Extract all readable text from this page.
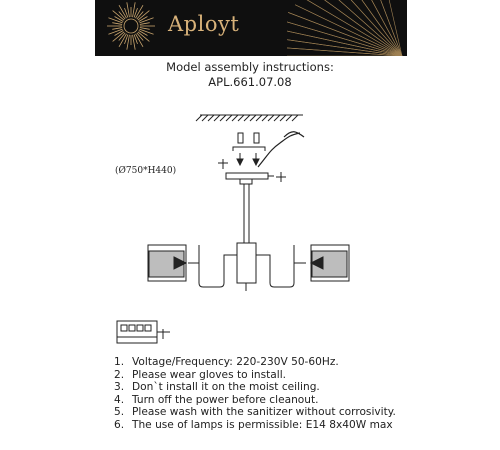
Aployt
Model assembly instructions:
APL.661.07.08
(Ø750*H440)
1. Voltage/Frequency: 220-230V 50-60Hz.
2. Please wear gloves to install.
3. Don`t install it on the moist ceiling.
4. Turn off the power before cleanout.
5. Please wash with the sanitizer without corrosivity.
6. The use of lamps is permissible: E14 8x40W max
